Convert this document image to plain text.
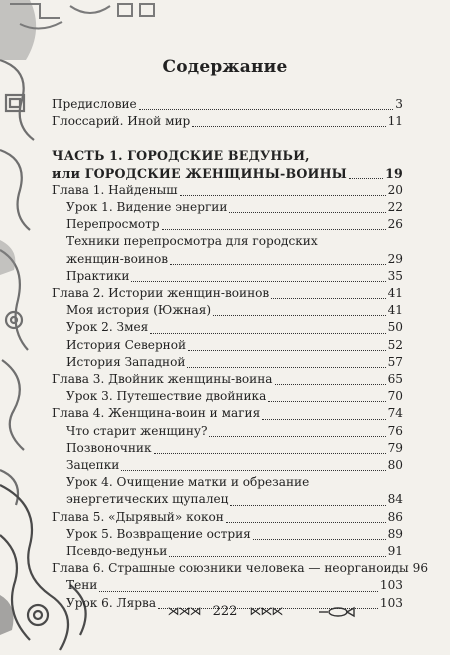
Содержание
Предисловие	3
Глоссарий. Иной мир	11
ЧАСТЬ 1. ГОРОДСКИЕ ВЕДУНЬИ,
или ГОРОДСКИЕ ЖЕНЩИНЫ-ВОИНЫ	19
Глава 1. Найденыш	20
Урок 1. Видение энергии	22
Перепросмотр	26
Техники перепросмотра для городских
женщин-воинов	29
Практики	35
Глава 2. Истории женщин-воинов	41
Моя история (Южная)	41
Урок 2. Змея	50
История Северной	52
История Западной	57
Глава 3. Двойник женщины-воина	65
Урок 3. Путешествие двойника	70
Глава 4. Женщина-воин и магия	74
Что старит женщину?	76
Позвоночник	79
Зацепки	80
Урок 4. Очищение матки и обрезание
энергетических щупалец	84
Глава 5. «Дырявый» кокон	86
Урок 5. Возвращение острия	89
Псевдо-ведуньи	91
Глава 6. Страшные союзники человека — неорганоиды 96
Тени	103
Урок 6. Лярва	103
⋊⋊⋊ 222 ⋉⋉⋉
